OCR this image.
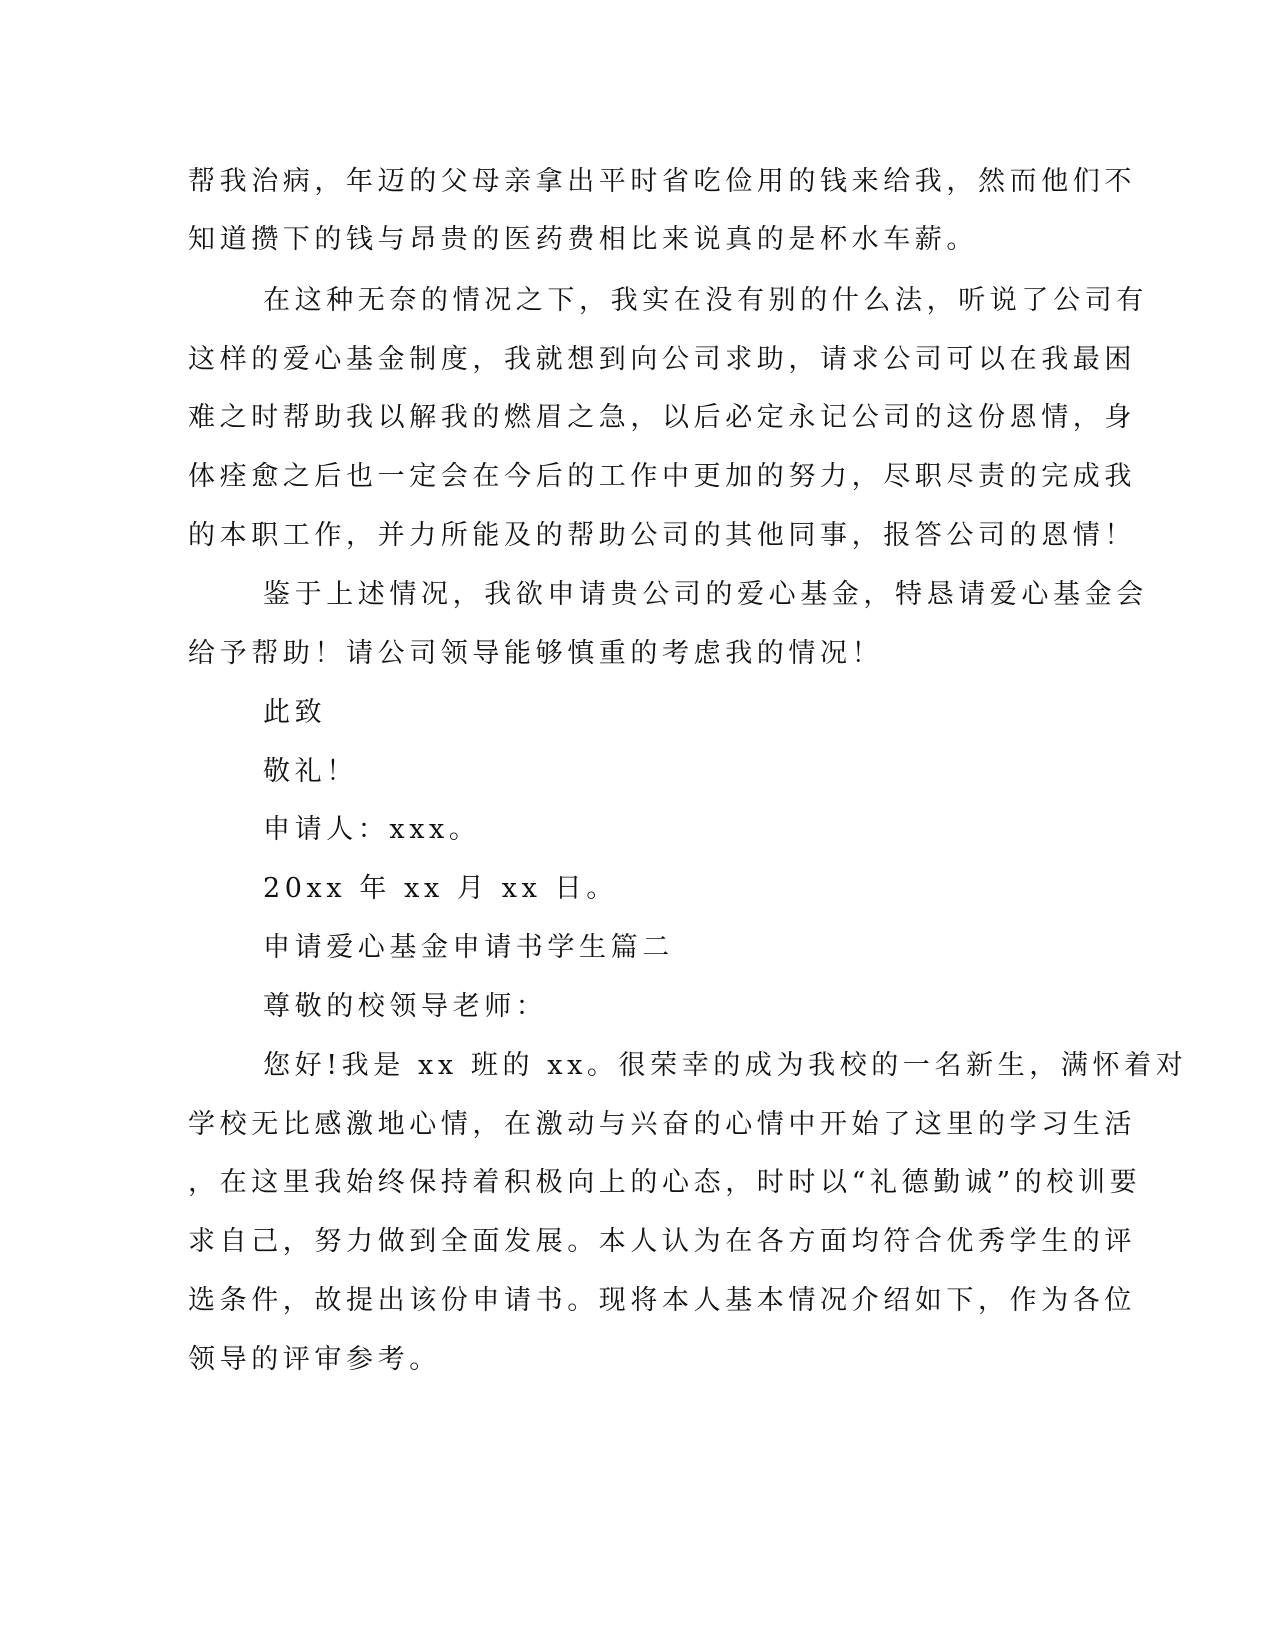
帮我治病，年迈的父母亲拿出平时省吃俭用的钱来给我，然而他们不
知道攒下的钱与昂贵的医药费相比来说真的是杯水车薪。
在这种无奈的情况之下，我实在没有别的什么法，听说了公司有
这样的爱心基金制度，我就想到向公司求助，请求公司可以在我最困
难之时帮助我以解我的燃眉之急，以后必定永记公司的这份恩情，身
体痊愈之后也一定会在今后的工作中更加的努力，尽职尽责的完成我
的本职工作，并力所能及的帮助公司的其他同事，报答公司的恩情！
鉴于上述情况，我欲申请贵公司的爱心基金，特恳请爱心基金会
给予帮助！请公司领导能够慎重的考虑我的情况！
此致
敬礼！
申请人：xxx。
20xx 年 xx 月 xx 日。
申请爱心基金申请书学生篇二
尊敬的校领导老师：
您好!我是 xx 班的 xx。很荣幸的成为我校的一名新生，满怀着对
学校无比感激地心情，在激动与兴奋的心情中开始了这里的学习生活
，在这里我始终保持着积极向上的心态，时时以“礼德勤诚”的校训要
求自己，努力做到全面发展。本人认为在各方面均符合优秀学生的评
选条件，故提出该份申请书。现将本人基本情况介绍如下，作为各位
领导的评审参考。
